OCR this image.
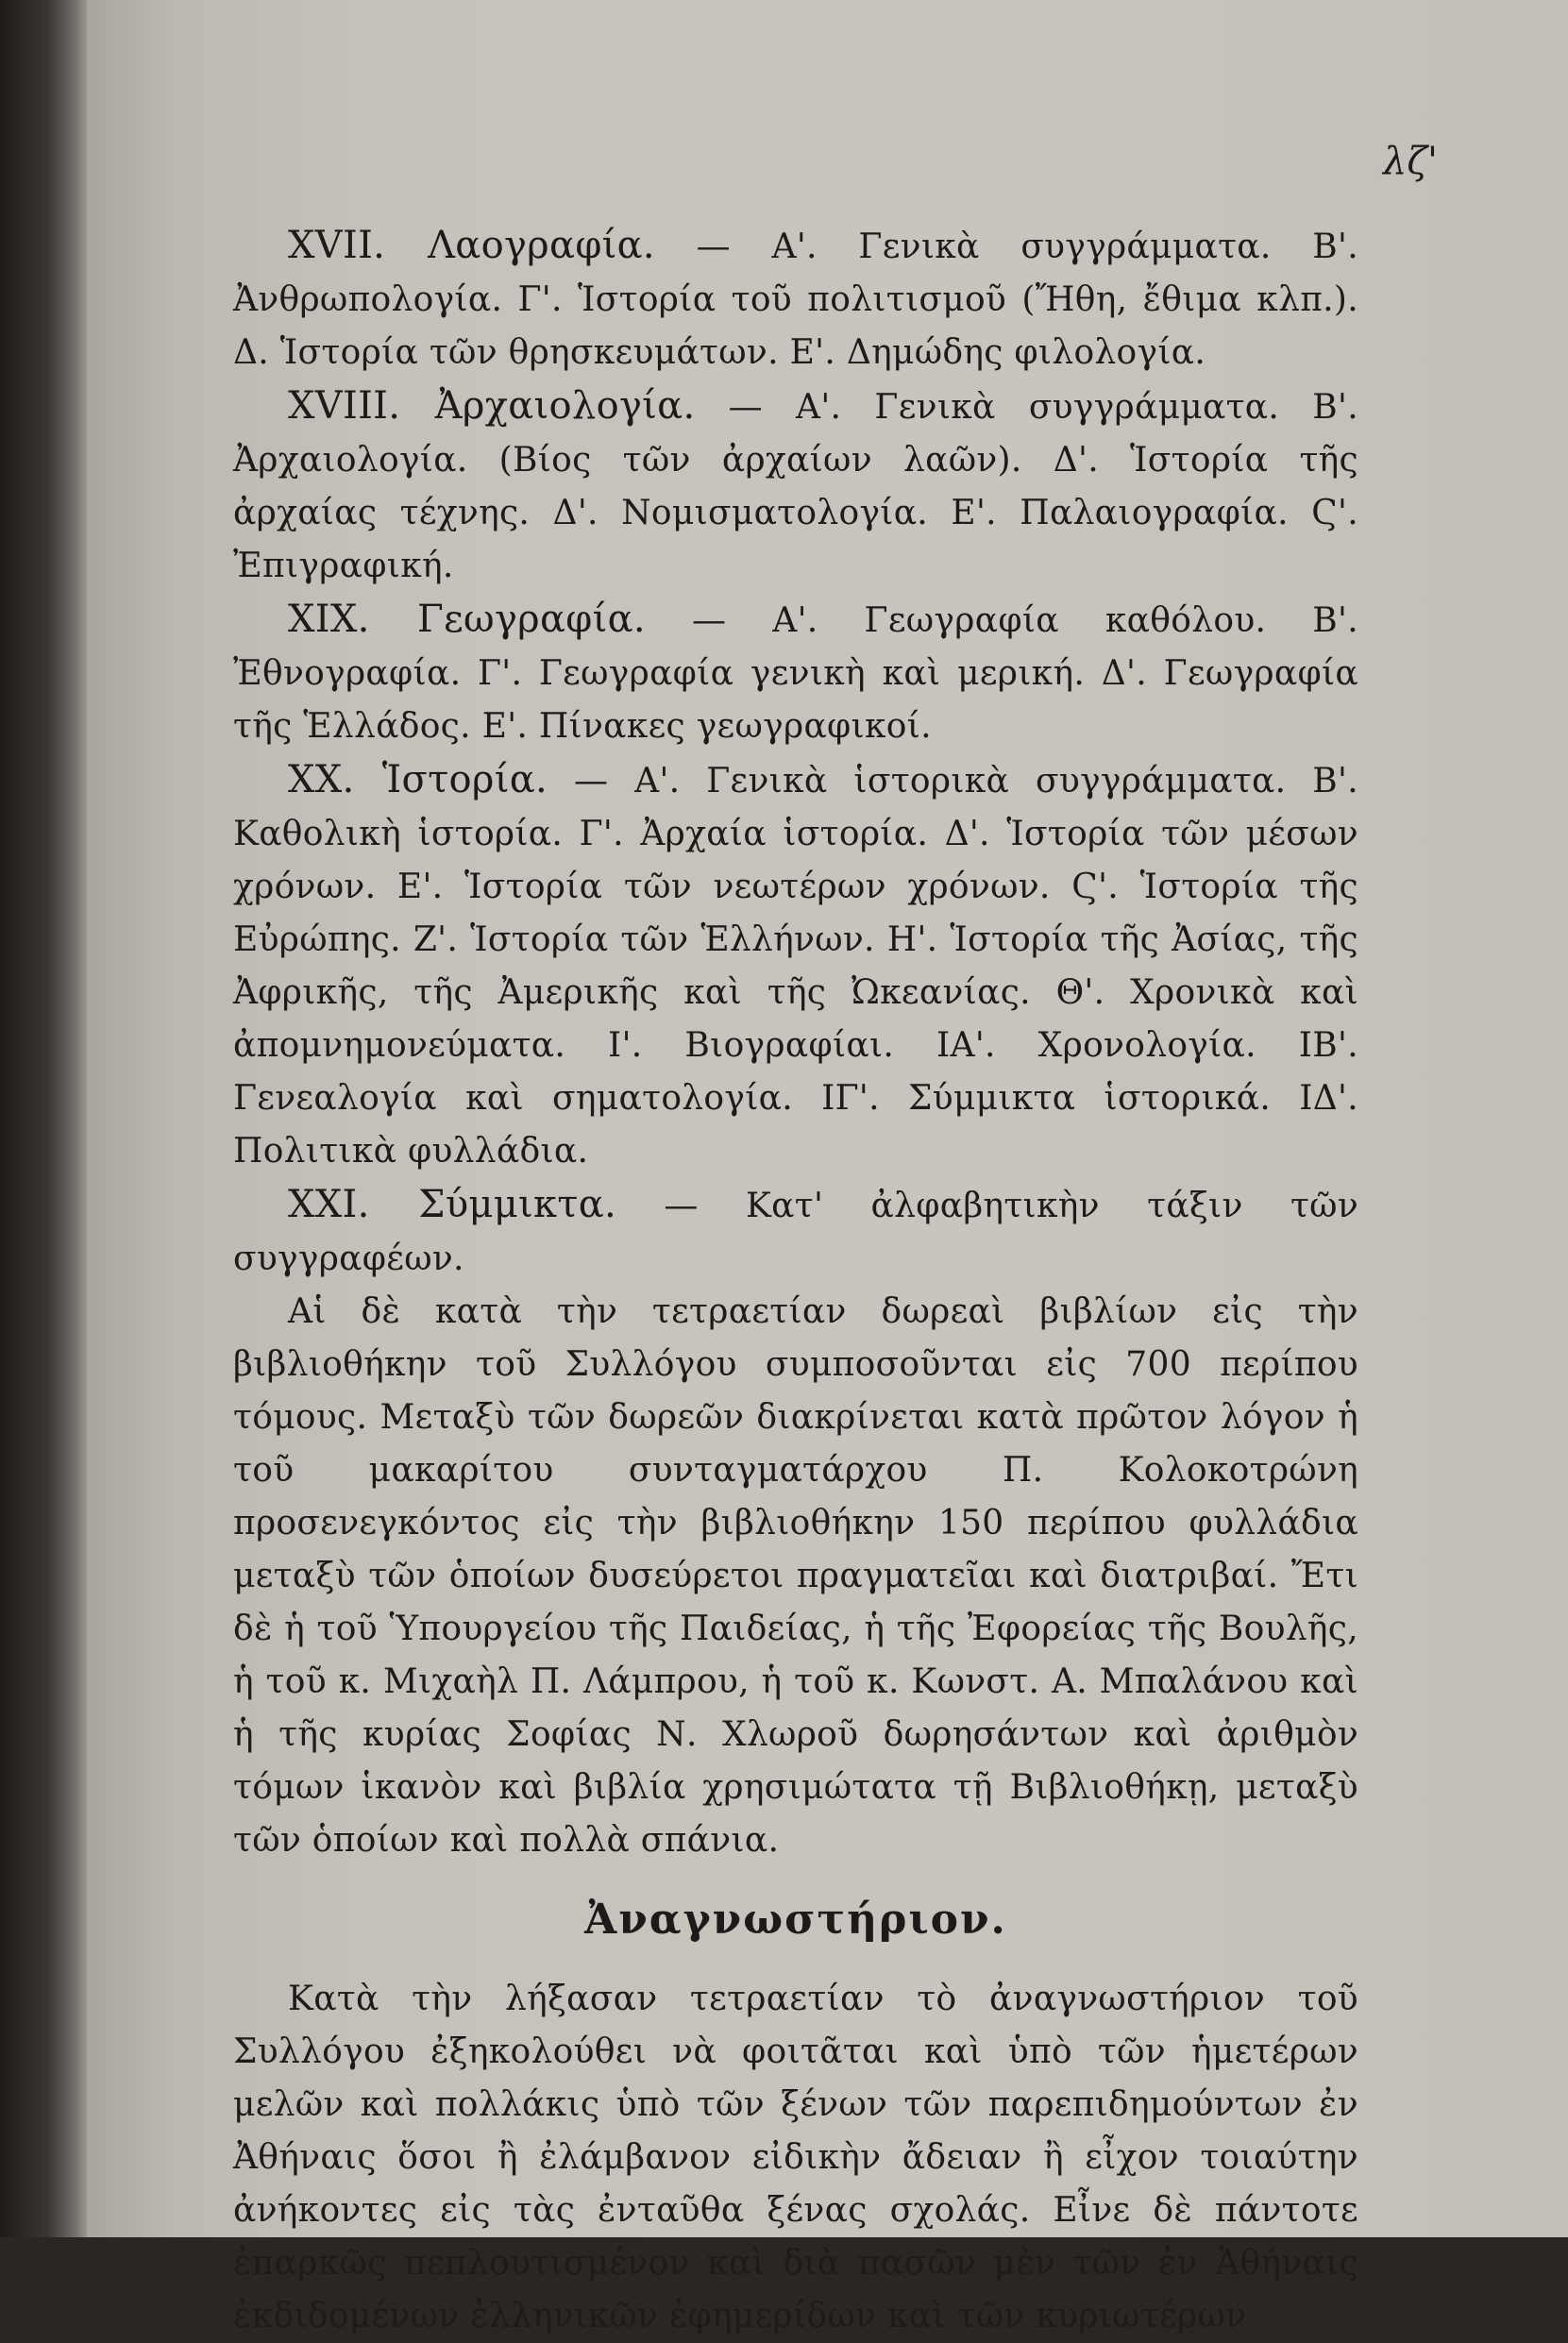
λζ'

XVII. Λαογραφία. — Α'. Γενικὰ συγγράμματα. Β'. Ἀνθρωπολογία. Γ'. Ἱστορία τοῦ πολιτισμοῦ (Ἤθη, ἔθιμα κλπ.). Δ. Ἱστορία τῶν θρησκευμάτων. Ε'. Δημώδης φιλολογία.

XVIII. Ἀρχαιολογία. — Α'. Γενικὰ συγγράμματα. Β'. Ἀρχαιολογία. (Βίος τῶν ἀρχαίων λαῶν). Δ'. Ἱστορία τῆς ἀρχαίας τέχνης. Δ'. Νομισματολογία. Ε'. Παλαιογραφία. Ϛ'. Ἐπιγραφική.

XIX. Γεωγραφία. — Α'. Γεωγραφία καθόλου. Β'. Ἐθνογραφία. Γ'. Γεωγραφία γενικὴ καὶ μερική. Δ'. Γεωγραφία τῆς Ἑλλάδος. Ε'. Πίνακες γεωγραφικοί.

XX. Ἱστορία. — Α'. Γενικὰ ἱστορικὰ συγγράμματα. Β'. Καθολικὴ ἱστορία. Γ'. Ἀρχαία ἱστορία. Δ'. Ἱστορία τῶν μέσων χρόνων. Ε'. Ἱστορία τῶν νεωτέρων χρόνων. Ϛ'. Ἱστορία τῆς Εὐρώπης. Ζ'. Ἱστορία τῶν Ἑλλήνων. Η'. Ἱστορία τῆς Ἀσίας, τῆς Ἀφρικῆς, τῆς Ἀμερικῆς καὶ τῆς Ὠκεανίας. Θ'. Χρονικὰ καὶ ἀπομνημονεύματα. Ι'. Βιογραφίαι. ΙΑ'. Χρονολογία. ΙΒ'. Γενεαλογία καὶ σηματολογία. ΙΓ'. Σύμμικτα ἱστορικά. ΙΔ'. Πολιτικὰ φυλλάδια.

XXI. Σύμμικτα. — Κατ' ἀλφαβητικὴν τάξιν τῶν συγγραφέων.

Αἱ δὲ κατὰ τὴν τετραετίαν δωρεαὶ βιβλίων εἰς τὴν βιβλιοθήκην τοῦ Συλλόγου συμποσοῦνται εἰς 700 περίπου τόμους. Μεταξὺ τῶν δωρεῶν διακρίνεται κατὰ πρῶτον λόγον ἡ τοῦ μακαρίτου συνταγματάρχου Π. Κολοκοτρώνη προσενεγκόντος εἰς τὴν βιβλιοθήκην 150 περίπου φυλλάδια μεταξὺ τῶν ὁποίων δυσεύρετοι πραγματεῖαι καὶ διατριβαί. Ἔτι δὲ ἡ τοῦ Ὑπουργείου τῆς Παιδείας, ἡ τῆς Ἐφορείας τῆς Βουλῆς, ἡ τοῦ κ. Μιχαὴλ Π. Λάμπρου, ἡ τοῦ κ. Κωνστ. Α. Μπαλάνου καὶ ἡ τῆς κυρίας Σοφίας Ν. Χλωροῦ δωρησάντων καὶ ἀριθμὸν τόμων ἱκανὸν καὶ βιβλία χρησιμώτατα τῇ Βιβλιοθήκῃ, μεταξὺ τῶν ὁποίων καὶ πολλὰ σπάνια.

Ἀναγνωστήριον.

Κατὰ τὴν λήξασαν τετραετίαν τὸ ἀναγνωστήριον τοῦ Συλλόγου ἐξηκολούθει νὰ φοιτᾶται καὶ ὑπὸ τῶν ἡμετέρων μελῶν καὶ πολλάκις ὑπὸ τῶν ξένων τῶν παρεπιδημούντων ἐν Ἀθήναις ὅσοι ἢ ἐλάμβανον εἰδικὴν ἄδειαν ἢ εἶχον τοιαύτην ἀνήκοντες εἰς τὰς ἐνταῦθα ξένας σχολάς. Εἶνε δὲ πάντοτε ἐπαρκῶς πεπλουτισμένον καὶ διὰ πασῶν μὲν τῶν ἐν Ἀθήναις ἐκδιδομένων ἑλληνικῶν ἐφημερίδων καὶ τῶν κυριωτέρων
